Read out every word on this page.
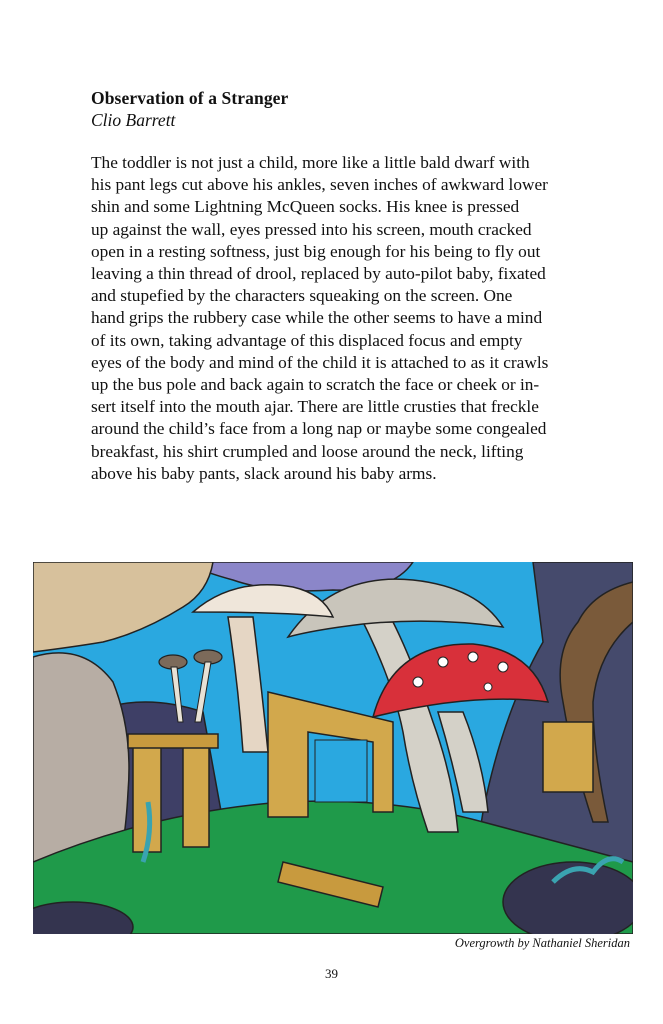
Observation of a Stranger

Clio Barrett

The toddler is not just a child, more like a little bald dwarf with
his pant legs cut above his ankles, seven inches of awkward lower
shin and some Lightning McQueen socks. His knee is pressed
up against the wall, eyes pressed into his screen, mouth cracked
open in a resting softness, just big enough for his being to fly out
leaving a thin thread of drool, replaced by auto-pilot baby, fixated
and stupefied by the characters squeaking on the screen. One
hand grips the rubbery case while the other seems to have a mind
of its own, taking advantage of this displaced focus and empty
eyes of the body and mind of the child it is attached to as it crawls
up the bus pole and back again to scratch the face or cheek or in-
sert itself into the mouth ajar. There are little crusties that freckle
around the child’s face from a long nap or maybe some congealed
breakfast, his shirt crumpled and loose around the neck, lifting
above his baby pants, slack around his baby arms.

Overgrowth by Nathaniel Sheridan

39
